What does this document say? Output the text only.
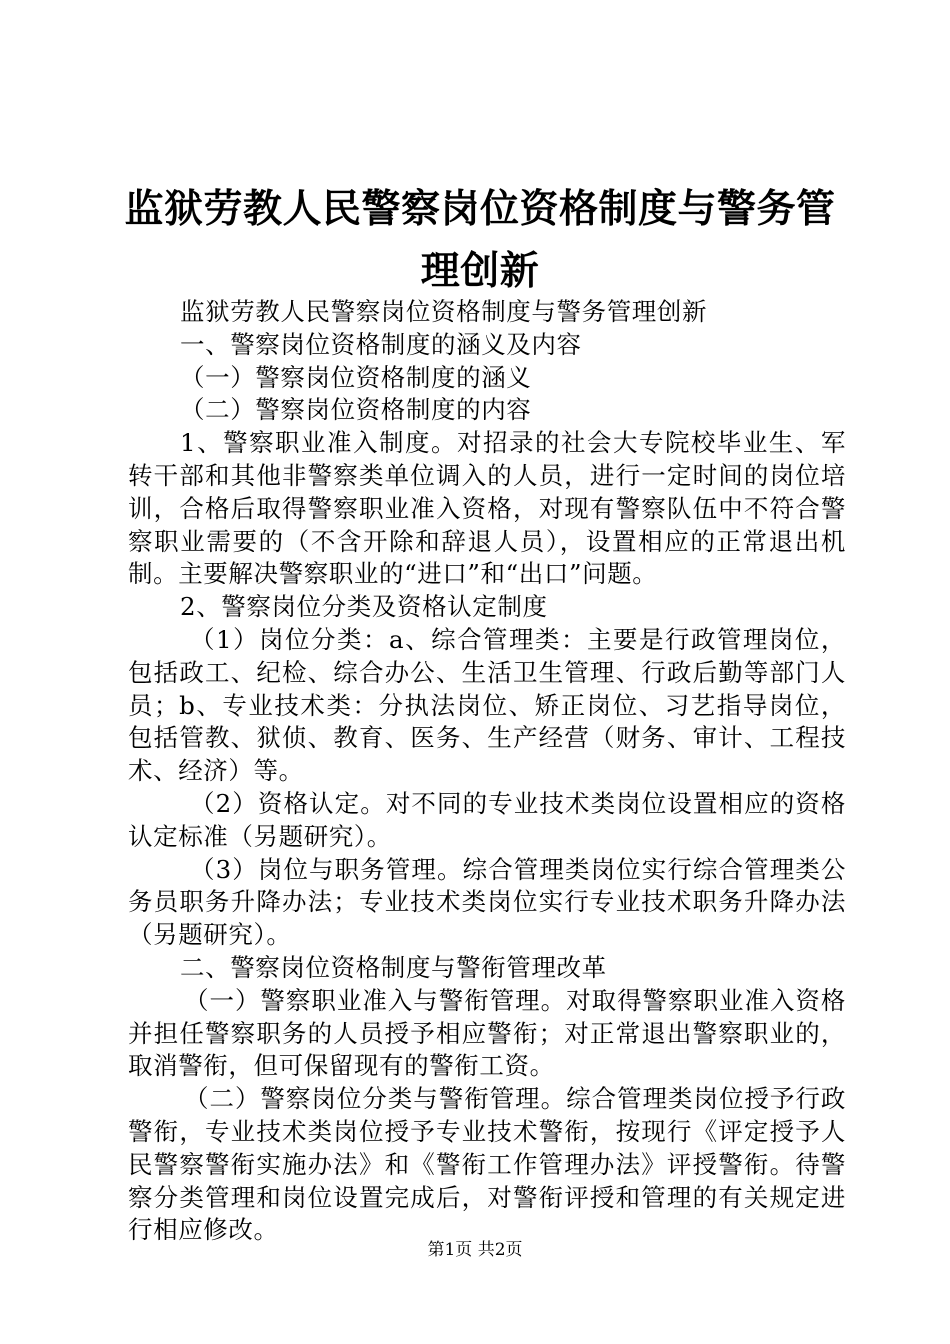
监狱劳教人民警察岗位资格制度与警务管理创新

监狱劳教人民警察岗位资格制度与警务管理创新

一、警察岗位资格制度的涵义及内容

（一）警察岗位资格制度的涵义

（二）警察岗位资格制度的内容

1、警察职业准入制度。对招录的社会大专院校毕业生、军转干部和其他非警察类单位调入的人员，进行一定时间的岗位培训，合格后取得警察职业准入资格，对现有警察队伍中不符合警察职业需要的（不含开除和辞退人员），设置相应的正常退出机制。主要解决警察职业的“进口”和“出口”问题。

2、警察岗位分类及资格认定制度

（1）岗位分类：a、综合管理类：主要是行政管理岗位，包括政工、纪检、综合办公、生活卫生管理、行政后勤等部门人员；b、专业技术类：分执法岗位、矫正岗位、习艺指导岗位，包括管教、狱侦、教育、医务、生产经营（财务、审计、工程技术、经济）等。

（2）资格认定。对不同的专业技术类岗位设置相应的资格认定标准（另题研究）。

（3）岗位与职务管理。综合管理类岗位实行综合管理类公务员职务升降办法；专业技术类岗位实行专业技术职务升降办法（另题研究）。

二、警察岗位资格制度与警衔管理改革

（一）警察职业准入与警衔管理。对取得警察职业准入资格并担任警察职务的人员授予相应警衔；对正常退出警察职业的，取消警衔，但可保留现有的警衔工资。

（二）警察岗位分类与警衔管理。综合管理类岗位授予行政警衔，专业技术类岗位授予专业技术警衔，按现行《评定授予人民警察警衔实施办法》和《警衔工作管理办法》评授警衔。待警察分类管理和岗位设置完成后，对警衔评授和管理的有关规定进行相应修改。

第1页 共2页
